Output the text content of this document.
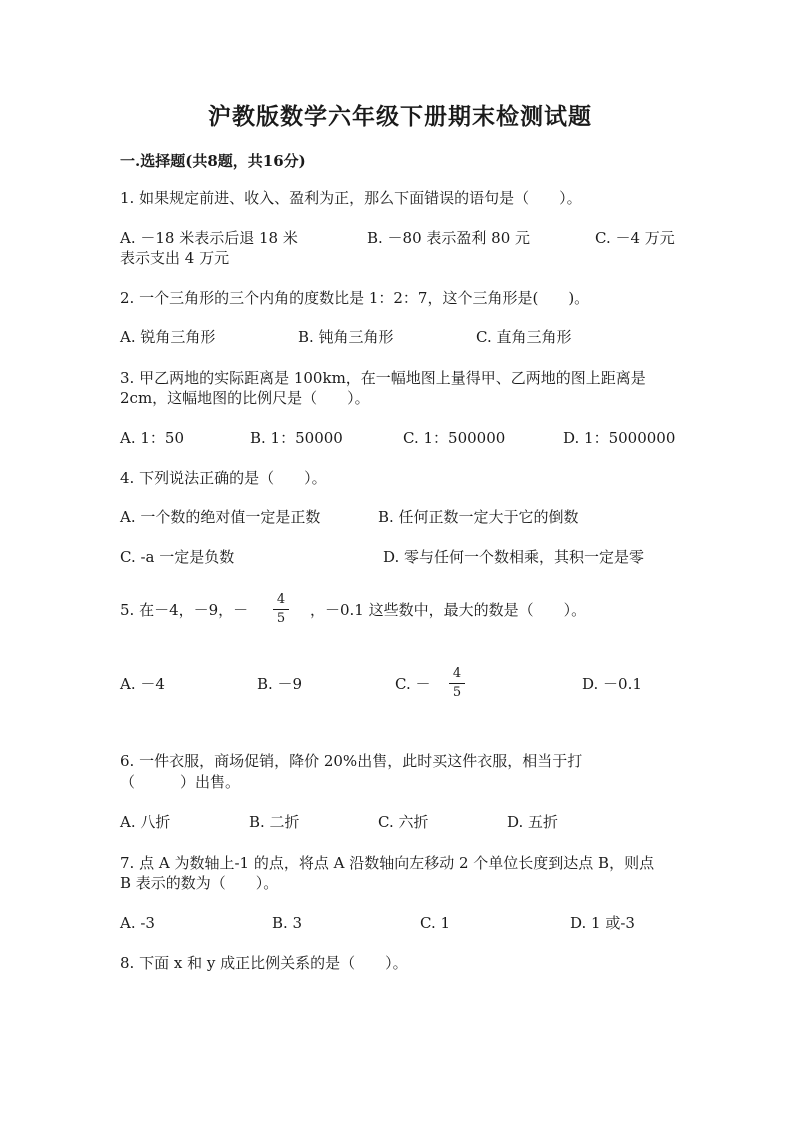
沪教版数学六年级下册期末检测试题
一.选择题(共8题，共16分)
1. 如果规定前进、收入、盈利为正，那么下面错误的语句是（　　）。
A. －18 米表示后退 18 米	B. －80 表示盈利 80 元	C. －4 万元
表示支出 4 万元
2. 一个三角形的三个内角的度数比是 1：2：7，这个三角形是(　　)。
A. 锐角三角形	B. 钝角三角形	C. 直角三角形
3. 甲乙两地的实际距离是 100km，在一幅地图上量得甲、乙两地的图上距离是
2cm，这幅地图的比例尺是（　　）。
A. 1：50	B. 1：50000	C. 1：500000	D. 1：5000000
4. 下列说法正确的是（　　）。
A. 一个数的绝对值一定是正数	B. 任何正数一定大于它的倒数
C. -a 一定是负数	D. 零与任何一个数相乘，其积一定是零
5. 在－4，－9，－
4
5 ，－0.1 这些数中，最大的数是（　　）。
A. －4	B. －9	C. －
4
5	D. －0.1
6. 一件衣服，商场促销，降价 20%出售，此时买这件衣服，相当于打
（　　　）出售。
A. 八折	B. 二折	C. 六折	D. 五折
7. 点 A 为数轴上-1 的点，将点 A 沿数轴向左移动 2 个单位长度到达点 B，则点
B 表示的数为（　　）。
A. -3	B. 3	C. 1	D. 1 或-3
8. 下面 x 和 y 成正比例关系的是（　　）。
